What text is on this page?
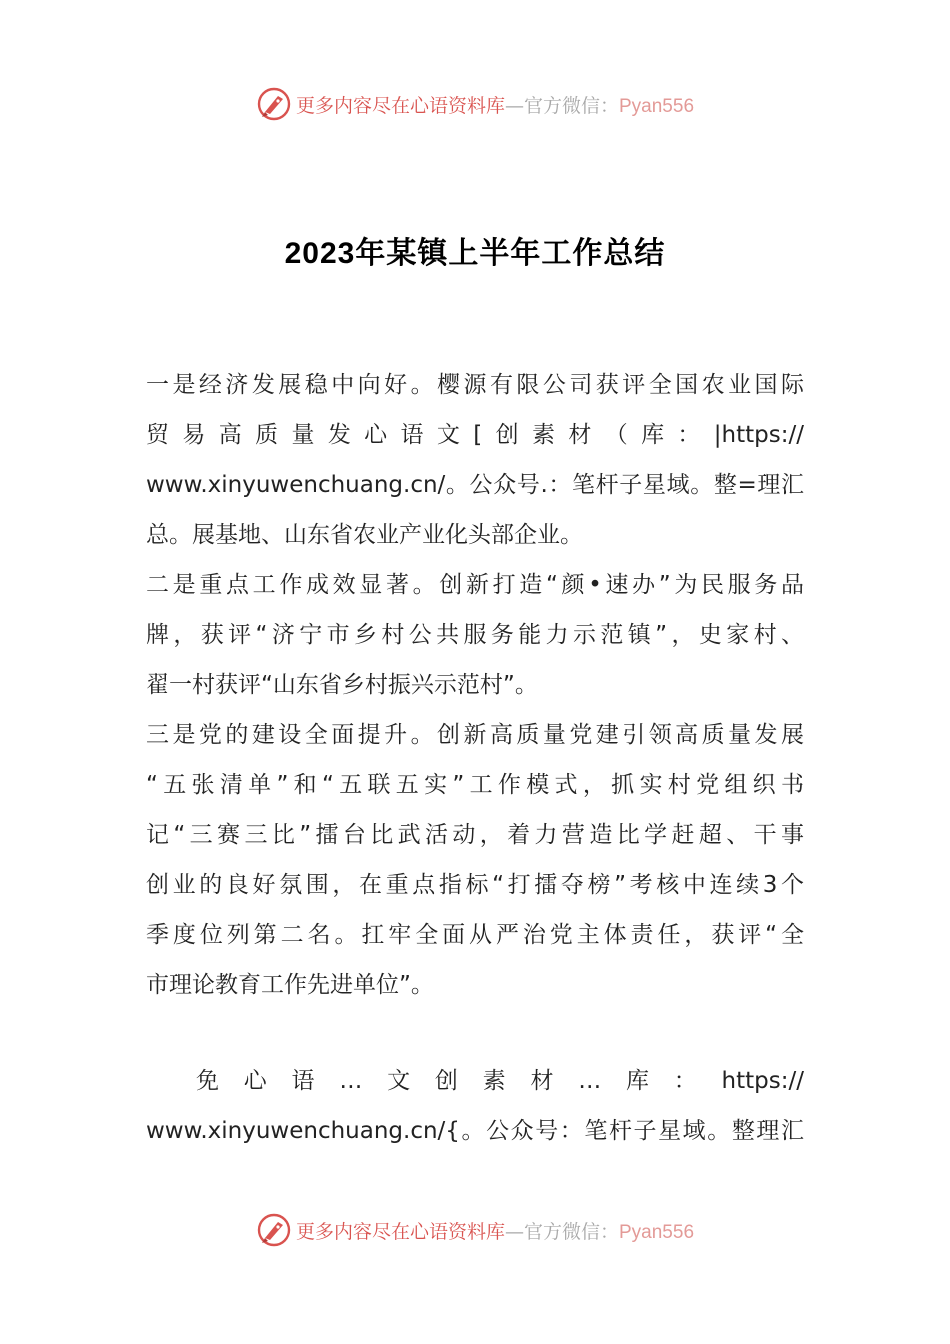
更多内容尽在心语资料库—官方微信：Pyan556
2023年某镇上半年工作总结
一是经济发展稳中向好。樱源有限公司获评全国农业国际
贸易高质量发心语文[创素材（库：|https://
www.xinyuwenchuang.cn/。公众号.：笔杆子星域。整=理汇
总。展基地、山东省农业产业化头部企业。
二是重点工作成效显著。创新打造“颜•速办”为民服务品
牌，获评“济宁市乡村公共服务能力示范镇”，史家村、
翟一村获评“山东省乡村振兴示范村”。
三是党的建设全面提升。创新高质量党建引领高质量发展
“五张清单”和“五联五实”工作模式，抓实村党组织书
记“三赛三比”擂台比武活动，着力营造比学赶超、干事
创业的良好氛围，在重点指标“打擂夺榜”考核中连续3个
季度位列第二名。扛牢全面从严治党主体责任，获评“全
市理论教育工作先进单位”。
免心语…文创素材…库：https://
www.xinyuwenchuang.cn/{。公众号：笔杆子星域。整理汇
更多内容尽在心语资料库—官方微信：Pyan556
